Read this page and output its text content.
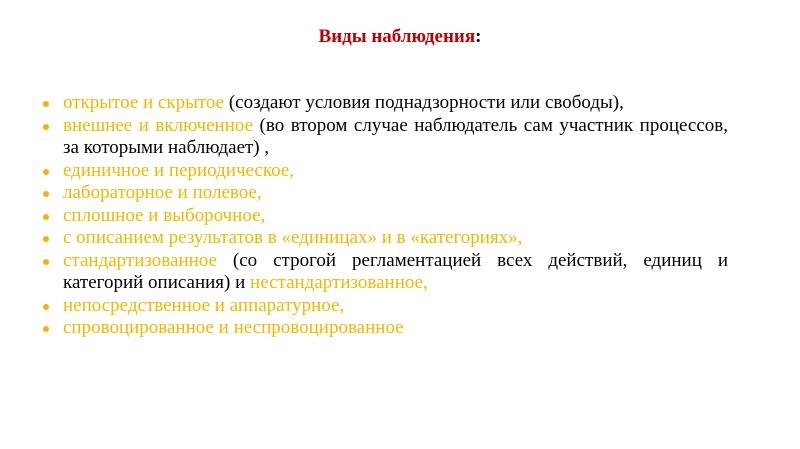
Виды наблюдения:
открытое и скрытое (создают условия поднадзорности или свободы),
внешнее и включенное (во втором случае наблюдатель сам участник процессов, за которыми наблюдает) ,
единичное и периодическое,
лабораторное и полевое,
сплошное и выборочное,
с описанием результатов в «единицах» и в «категориях»,
стандартизованное (со строгой регламентацией всех действий, единиц и категорий описания) и нестандартизованное,
непосредственное и аппаратурное,
спровоцированное и неспровоцированное
